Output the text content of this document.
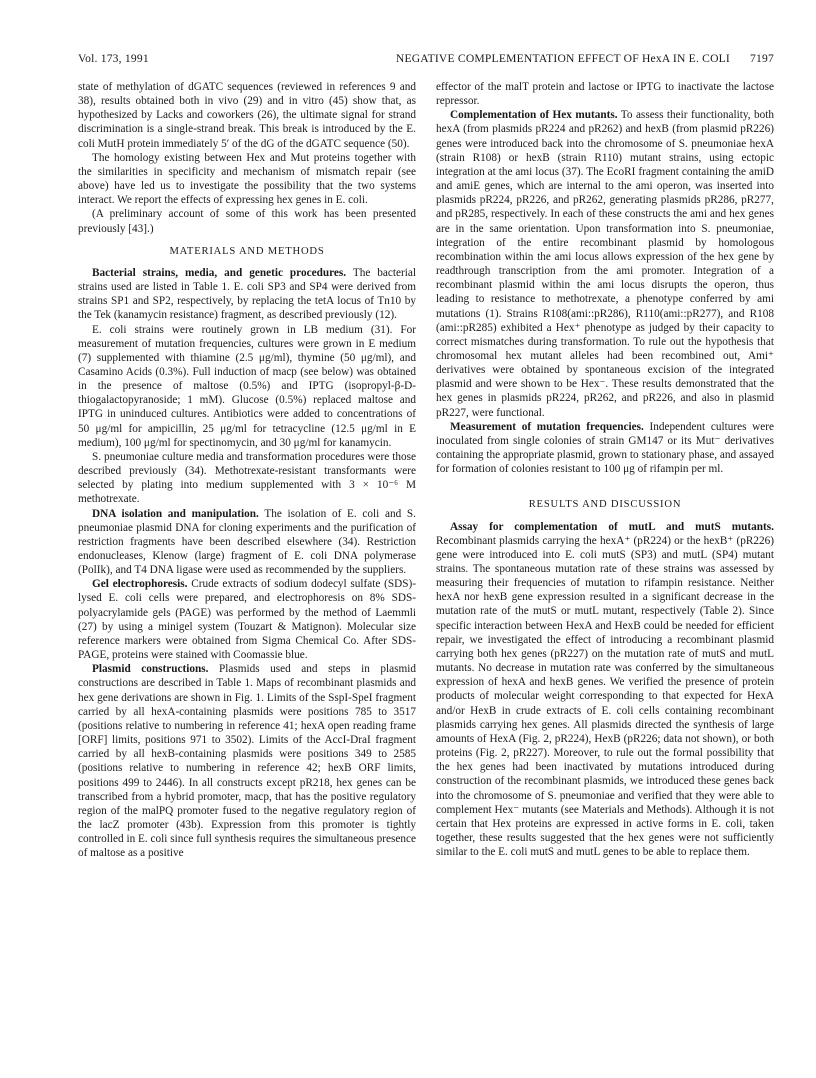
Vol. 173, 1991	NEGATIVE COMPLEMENTATION EFFECT OF HexA IN E. COLI 7197

state of methylation of dGATC sequences (reviewed in references 9 and 38), results obtained both in vivo (29) and in vitro (45) show that, as hypothesized by Lacks and coworkers (26), the ultimate signal for strand discrimination is a single-strand break. This break is introduced by the E. coli MutH protein immediately 5′ of the dG of the dGATC sequence (50).

The homology existing between Hex and Mut proteins together with the similarities in specificity and mechanism of mismatch repair (see above) have led us to investigate the possibility that the two systems interact. We report the effects of expressing hex genes in E. coli.

(A preliminary account of some of this work has been presented previously [43].)

MATERIALS AND METHODS

Bacterial strains, media, and genetic procedures. The bacterial strains used are listed in Table 1. E. coli SP3 and SP4 were derived from strains SP1 and SP2, respectively, by replacing the tetA locus of Tn10 by the Tek (kanamycin resistance) fragment, as described previously (12).

E. coli strains were routinely grown in LB medium (31). For measurement of mutation frequencies, cultures were grown in E medium (7) supplemented with thiamine (2.5 μg/ml), thymine (50 μg/ml), and Casamino Acids (0.3%). Full induction of macp (see below) was obtained in the presence of maltose (0.5%) and IPTG (isopropyl-β-D-thiogalactopyranoside; 1 mM). Glucose (0.5%) replaced maltose and IPTG in uninduced cultures. Antibiotics were added to concentrations of 50 μg/ml for ampicillin, 25 μg/ml for tetracycline (12.5 μg/ml in E medium), 100 μg/ml for spectinomycin, and 30 μg/ml for kanamycin.

S. pneumoniae culture media and transformation procedures were those described previously (34). Methotrexate-resistant transformants were selected by plating into medium supplemented with 3 × 10⁻⁶ M methotrexate.

DNA isolation and manipulation. The isolation of E. coli and S. pneumoniae plasmid DNA for cloning experiments and the purification of restriction fragments have been described elsewhere (34). Restriction endonucleases, Klenow (large) fragment of E. coli DNA polymerase (PolIk), and T4 DNA ligase were used as recommended by the suppliers.

Gel electrophoresis. Crude extracts of sodium dodecyl sulfate (SDS)-lysed E. coli cells were prepared, and electrophoresis on 8% SDS-polyacrylamide gels (PAGE) was performed by the method of Laemmli (27) by using a minigel system (Touzart & Matignon). Molecular size reference markers were obtained from Sigma Chemical Co. After SDS-PAGE, proteins were stained with Coomassie blue.

Plasmid constructions. Plasmids used and steps in plasmid constructions are described in Table 1. Maps of recombinant plasmids and hex gene derivations are shown in Fig. 1. Limits of the SspI-SpeI fragment carried by all hexA-containing plasmids were positions 785 to 3517 (positions relative to numbering in reference 41; hexA open reading frame [ORF] limits, positions 971 to 3502). Limits of the AccI-DraI fragment carried by all hexB-containing plasmids were positions 349 to 2585 (positions relative to numbering in reference 42; hexB ORF limits, positions 499 to 2446). In all constructs except pR218, hex genes can be transcribed from a hybrid promoter, macp, that has the positive regulatory region of the malPQ promoter fused to the negative regulatory region of the lacZ promoter (43b). Expression from this promoter is tightly controlled in E. coli since full synthesis requires the simultaneous presence of maltose as a positive

effector of the malT protein and lactose or IPTG to inactivate the lactose repressor.

Complementation of Hex mutants. To assess their functionality, both hexA (from plasmids pR224 and pR262) and hexB (from plasmid pR226) genes were introduced back into the chromosome of S. pneumoniae hexA (strain R108) or hexB (strain R110) mutant strains, using ectopic integration at the ami locus (37). The EcoRI fragment containing the amiD and amiE genes, which are internal to the ami operon, was inserted into plasmids pR224, pR226, and pR262, generating plasmids pR286, pR277, and pR285, respectively. In each of these constructs the ami and hex genes are in the same orientation. Upon transformation into S. pneumoniae, integration of the entire recombinant plasmid by homologous recombination within the ami locus allows expression of the hex gene by readthrough transcription from the ami promoter. Integration of a recombinant plasmid within the ami locus disrupts the operon, thus leading to resistance to methotrexate, a phenotype conferred by ami mutations (1). Strains R108(ami::pR286), R110(ami::pR277), and R108 (ami::pR285) exhibited a Hex⁺ phenotype as judged by their capacity to correct mismatches during transformation. To rule out the hypothesis that chromosomal hex mutant alleles had been recombined out, Ami⁺ derivatives were obtained by spontaneous excision of the integrated plasmid and were shown to be Hex⁻. These results demonstrated that the hex genes in plasmids pR224, pR262, and pR226, and also in plasmid pR227, were functional.

Measurement of mutation frequencies. Independent cultures were inoculated from single colonies of strain GM147 or its Mut⁻ derivatives containing the appropriate plasmid, grown to stationary phase, and assayed for formation of colonies resistant to 100 μg of rifampin per ml.

RESULTS AND DISCUSSION

Assay for complementation of mutL and mutS mutants. Recombinant plasmids carrying the hexA⁺ (pR224) or the hexB⁺ (pR226) gene were introduced into E. coli mutS (SP3) and mutL (SP4) mutant strains. The spontaneous mutation rate of these strains was assessed by measuring their frequencies of mutation to rifampin resistance. Neither hexA nor hexB gene expression resulted in a significant decrease in the mutation rate of the mutS or mutL mutant, respectively (Table 2). Since specific interaction between HexA and HexB could be needed for efficient repair, we investigated the effect of introducing a recombinant plasmid carrying both hex genes (pR227) on the mutation rate of mutS and mutL mutants. No decrease in mutation rate was conferred by the simultaneous expression of hexA and hexB genes. We verified the presence of protein products of molecular weight corresponding to that expected for HexA and/or HexB in crude extracts of E. coli cells containing recombinant plasmids carrying hex genes. All plasmids directed the synthesis of large amounts of HexA (Fig. 2, pR224), HexB (pR226; data not shown), or both proteins (Fig. 2, pR227). Moreover, to rule out the formal possibility that the hex genes had been inactivated by mutations introduced during construction of the recombinant plasmids, we introduced these genes back into the chromosome of S. pneumoniae and verified that they were able to complement Hex⁻ mutants (see Materials and Methods). Although it is not certain that Hex proteins are expressed in active forms in E. coli, taken together, these results suggested that the hex genes were not sufficiently similar to the E. coli mutS and mutL genes to be able to replace them.
